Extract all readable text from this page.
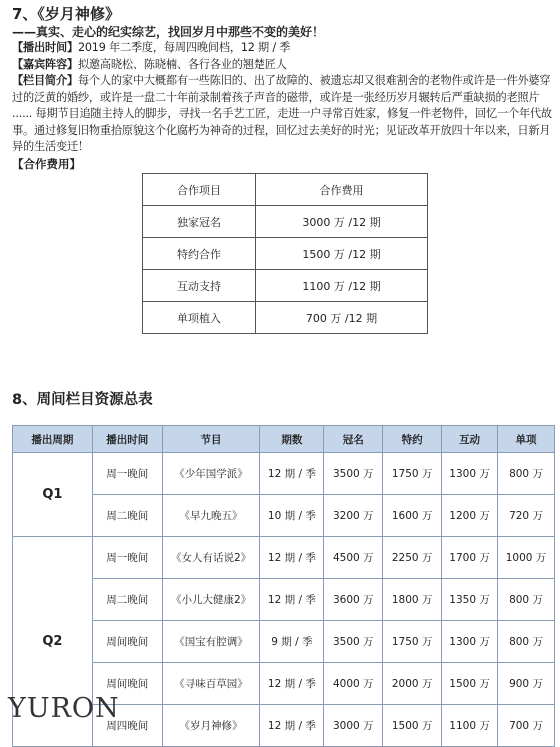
7、《岁月神修》

——真实、走心的纪实综艺，找回岁月中那些不变的美好！

【播出时间】2019 年二季度，每周四晚间档，12 期 / 季

【嘉宾阵容】拟邀高晓松、陈晓楠、各行各业的翘楚匠人

【栏目简介】每个人的家中大概都有一些陈旧的、出了故障的、被遗忘却又很难割舍的老物件或许是一件外婆穿过的泛黄的婚纱，或许是一盘二十年前录制着孩子声音的磁带，或许是一张经历岁月辗转后严重缺损的老照片 ...... 每期节目追随主持人的脚步，寻找一名手艺工匠，走进一户寻常百姓家，修复一件老物件，回忆一个年代故事。通过修复旧物重拾原貌这个化腐朽为神奇的过程，回忆过去美好的时光；见证改革开放四十年以来，日新月异的生活变迁！

【合作费用】

合作项目	合作费用
独家冠名	3000 万 /12 期
特约合作	1500 万 /12 期
互动支持	1100 万 /12 期
单项植入	700 万 /12 期

8、周间栏目资源总表

播出周期	播出时间	节目	期数	冠名	特约	互动	单项
Q1	周一晚间	《少年国学派》	12 期 / 季	3500 万	1750 万	1300 万	800 万
	周二晚间	《早九晚五》	10 期 / 季	3200 万	1600 万	1200 万	720 万
Q2	周一晚间	《女人有话说2》	12 期 / 季	4500 万	2250 万	1700 万	1000 万
	周二晚间	《小儿大健康2》	12 期 / 季	3600 万	1800 万	1350 万	800 万
	周间晚间	《国宝有腔调》	9 期 / 季	3500 万	1750 万	1300 万	800 万
	周间晚间	《寻味百草园》	12 期 / 季	4000 万	2000 万	1500 万	900 万
	周四晚间	《岁月神修》	12 期 / 季	3000 万	1500 万	1100 万	700 万
YURON
